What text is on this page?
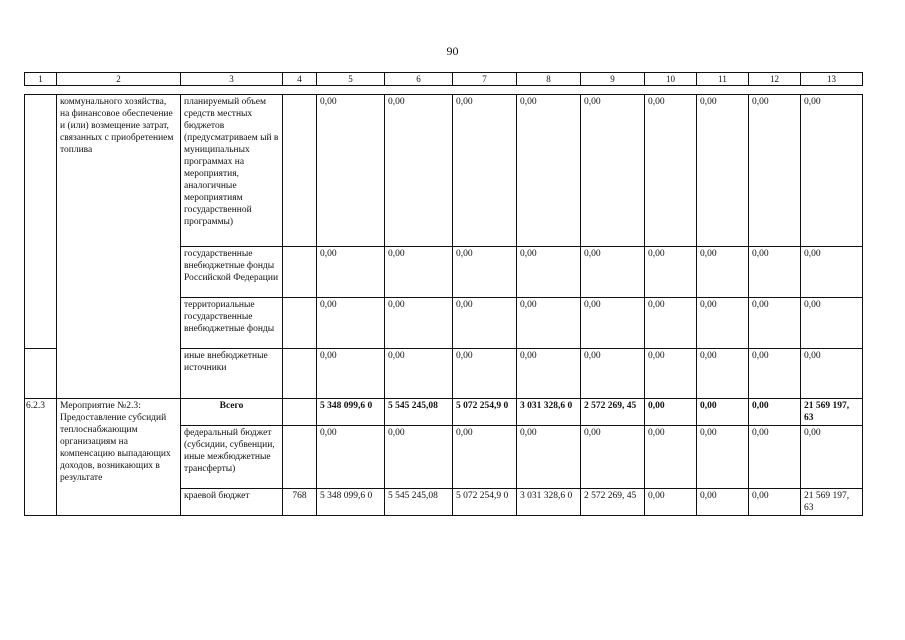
90
1	2	3	4	5	6	7	8	9	10	11	12	13
	коммунального хозяйства, на финансовое обеспечение и (или) возмещение затрат, связанных с приобретением топлива	планируемый объем средств местных бюджетов (предусматриваем ый в муниципальных программах на мероприятия, аналогичные мероприятиям государственной программы)		0,00	0,00	0,00	0,00	0,00	0,00	0,00	0,00	0,00
		государственные внебюджетные фонды Российской Федерации		0,00	0,00	0,00	0,00	0,00	0,00	0,00	0,00	0,00
		территориальные государственные внебюджетные фонды		0,00	0,00	0,00	0,00	0,00	0,00	0,00	0,00	0,00
		иные внебюджетные источники		0,00	0,00	0,00	0,00	0,00	0,00	0,00	0,00	0,00
6.2.3	Мероприятие №2.3: Предоставление субсидий теплоснабжающим организациям на компенсацию выпадающих доходов, возникающих в результате	Всего		5 348 099,6 0	5 545 245,08	5 072 254,9 0	3 031 328,6 0	2 572 269, 45	0,00	0,00	0,00	21 569 197, 63
		федеральный бюджет (субсидии, субвенции, иные межбюджетные трансферты)		0,00	0,00	0,00	0,00	0,00	0,00	0,00	0,00	0,00
		краевой бюджет	768	5 348 099,6 0	5 545 245,08	5 072 254,9 0	3 031 328,6 0	2 572 269, 45	0,00	0,00	0,00	21 569 197, 63
